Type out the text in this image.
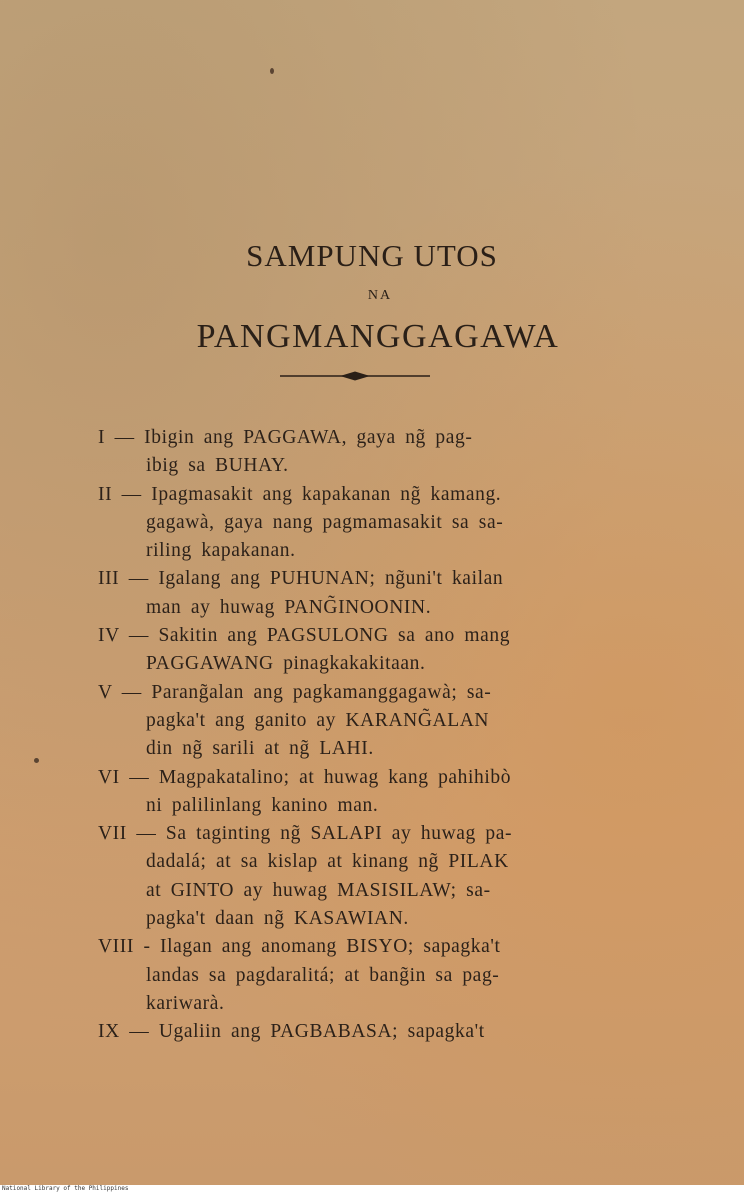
SAMPUNG UTOS
NA
PANGMANGGAGAWA
I — Ibigin ang PAGGAWA, gaya ng̃ pag-
ibig sa BUHAY.
II — Ipagmasakit ang kapakanan ng̃ kamang.
gagawà, gaya nang pagmamasakit sa sa-
riling kapakanan.
III — Igalang ang PUHUNAN; ng̃uni't kailan
man ay huwag PANG̃INOONIN.
IV — Sakitin ang PAGSULONG sa ano mang
PAGGAWANG pinagkakakitaan.
V — Parang̃alan ang pagkamanggagawà; sa-
pagka't ang ganito ay KARANG̃ALAN
din ng̃ sarili at ng̃ LAHI.
VI — Magpakatalino; at huwag kang pahihibò
ni palilinlang kanino man.
VII — Sa taginting ng̃ SALAPI ay huwag pa-
dadalá; at sa kislap at kinang ng̃ PILAK
at GINTO ay huwag MASISILAW; sa-
pagka't daan ng̃ KASAWIAN.
VIII - Ilagan ang anomang BISYO; sapagka't
landas sa pagdaralitá; at bang̃in sa pag-
kariwarà.
IX — Ugaliin ang PAGBABASA; sapagka't
National Library of the Philippines
